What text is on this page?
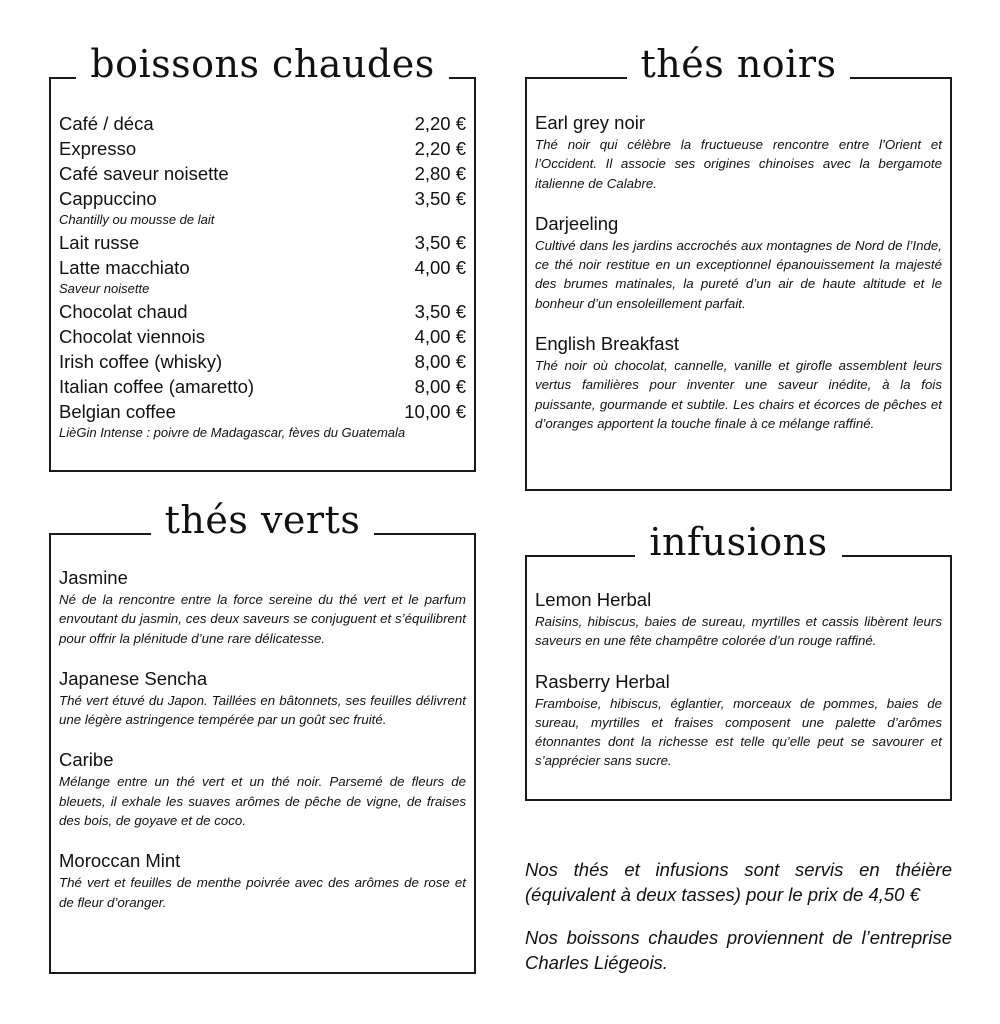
boissons chaudes
Café / déca	2,20 €
Expresso	2,20 €
Café saveur noisette	2,80 €
Cappuccino	3,50 €
Chantilly ou mousse de lait
Lait russe	3,50 €
Latte macchiato	4,00 €
Saveur noisette
Chocolat chaud	3,50 €
Chocolat viennois	4,00 €
Irish coffee (whisky)	8,00 €
Italian coffee (amaretto)	8,00 €
Belgian coffee	10,00 €
LièGin Intense : poivre de Madagascar, fèves du Guatemala
thés noirs
Earl grey noir
Thé noir qui célèbre la fructueuse rencontre entre l’Orient et l’Occident. Il associe ses origines chinoises avec la bergamote italienne de Calabre.
Darjeeling
Cultivé dans les jardins accrochés aux montagnes de Nord de l’Inde, ce thé noir restitue en un exceptionnel épanouissement la majesté des brumes matinales, la pureté d’un air de haute altitude et le bonheur d’un ensoleillement parfait.
English Breakfast
Thé noir où chocolat, cannelle, vanille et girofle assemblent leurs vertus familières pour inventer une saveur inédite, à la fois puissante, gourmande et subtile. Les chairs et écorces de pêches et d’oranges apportent la touche finale à ce mélange raffiné.
thés verts
Jasmine
Né de la rencontre entre la force sereine du thé vert et le parfum envoutant du jasmin, ces deux saveurs se conjuguent et s’équilibrent pour offrir la plénitude d’une rare délicatesse.
Japanese Sencha
Thé vert étuvé du Japon. Taillées en bâtonnets, ses feuilles délivrent une légère astringence tempérée par un goût sec fruité.
Caribe
Mélange entre un thé vert et un thé noir. Parsemé de fleurs de bleuets, il exhale les suaves arômes de pêche de vigne, de fraises des bois, de goyave et de coco.
Moroccan Mint
Thé vert et feuilles de menthe poivrée avec des arômes de rose et de fleur d’oranger.
infusions
Lemon Herbal
Raisins, hibiscus, baies de sureau, myrtilles et cassis libèrent leurs saveurs en une fête champêtre colorée d’un rouge raffiné.
Rasberry Herbal
Framboise, hibiscus, églantier, morceaux de pommes, baies de sureau, myrtilles et fraises composent une palette d’arômes étonnantes dont la richesse est telle qu’elle peut se savourer et s’apprécier sans sucre.

Nos thés et infusions sont servis en théière (équivalent à deux tasses) pour le prix de 4,50 €

Nos boissons chaudes proviennent de l’entreprise Charles Liégeois.
